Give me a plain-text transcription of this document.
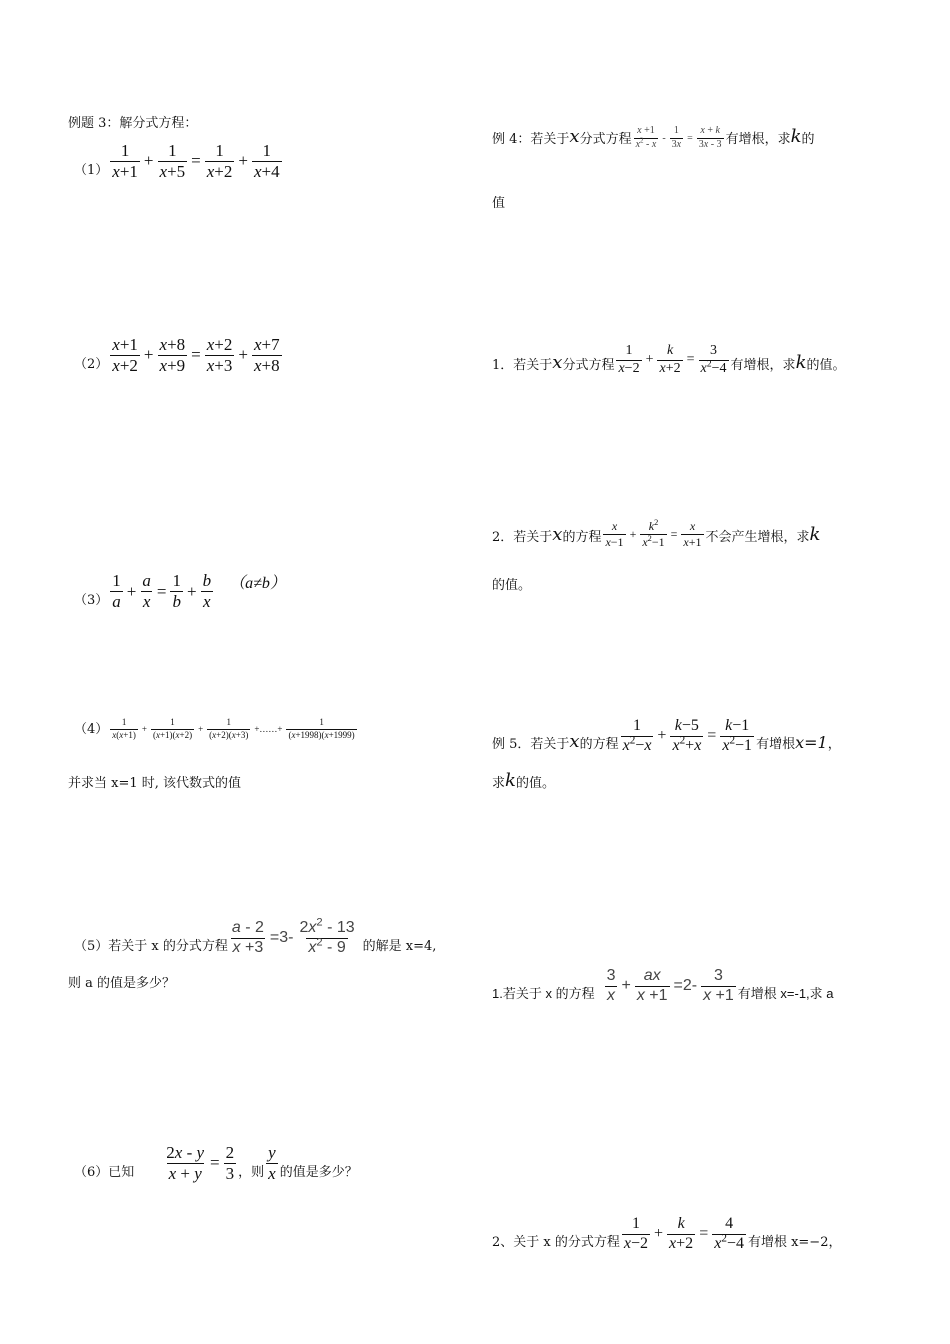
例题 3：解分式方程：
$(1) \frac{1}{x+1} + \frac{1}{x+5} = \frac{1}{x+2} + \frac{1}{x+4}$
$(2) \frac{x+1}{x+2} + \frac{x+8}{x+9} = \frac{x+2}{x+3} + \frac{x+7}{x+8}$
$(3) \frac{1}{a} + \frac{a}{x} = \frac{1}{b} + \frac{b}{x} (a\ne b)$
$(4) \frac{1}{x(x+1)} + \frac{1}{(x+1)(x+2)} + \frac{1}{(x+2)(x+3)}$ +……+ $\frac{1}{(x+1998)(x+1999)}$
并求当 x=1 时, 该代数式的值
（5）若关于 x 的分式方程 $\frac{a - 2}{x +3} =3- \frac{2x^2 - 13}{x^2 - 9}$ 的解是 x=4,
则 a 的值是多少？
（6）已知 $\frac{2x - y}{x + y} = \frac{2}{3}$ ，则 $\frac{y}{x}$ 的值是多少？
例 4：若关于 x 分式方程 $\frac{x +1}{x^2 - x} - \frac{1}{3x} = \frac{x + k}{3x - 3}$ 有增根，求 k 的
值
1．若关于 x 分式方程 $\frac{1}{x-2} + \frac{k}{x+2} = \frac{3}{x^2-4}$ 有增根，求 k 的值。
2．若关于 x 的方程 $\frac{x}{x-1} + \frac{k^2}{x^2-1} = \frac{x}{x+1}$ 不会产生增根，求 k
的值。
例 5．若关于 x 的方程 $\frac{1}{x^2-x} + \frac{k-5}{x^2+x} = \frac{k-1}{x^2-1}$ 有增根 x=1 ，
求 k 的值。
1.若关于 x 的方程 $\frac{3}{x} + \frac{ax}{x +1} =2- \frac{3}{x +1}$ 有增根 x=-1,求 a
2、关于 x 的分式方程 $\frac{1}{x-2} + \frac{k}{x+2} = \frac{4}{x^2-4}$ 有增根 x=−2，
